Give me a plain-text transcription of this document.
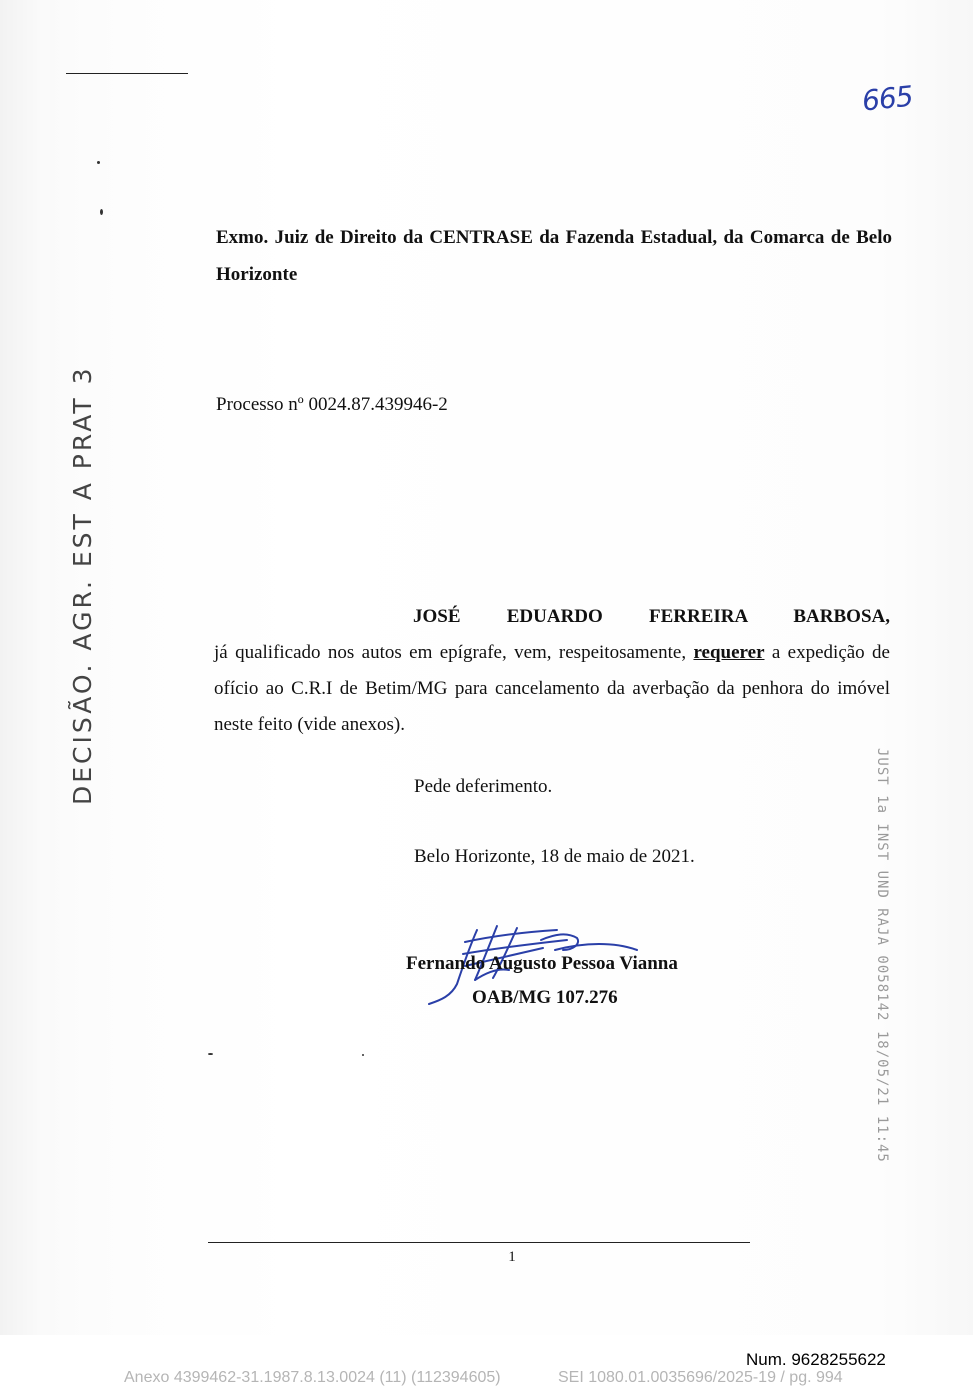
665
Exmo. Juiz de Direito da CENTRASE da Fazenda Estadual, da Comarca de Belo Horizonte
Processo nº 0024.87.439946-2
JOSÉ EDUARDO FERREIRA BARBOSA, já qualificado nos autos em epígrafe, vem, respeitosamente, requerer a expedição de ofício ao C.R.I de Betim/MG para cancelamento da averbação da penhora do imóvel neste feito (vide anexos).
Pede deferimento.
Belo Horizonte, 18 de maio de 2021.
Fernando Augusto Pessoa Vianna
OAB/MG 107.276
DECISÃO. AGR. EST A PRAT 3
JUST 1a INST UND RAJA 0058142 18/05/21 11:45
1
Num. 9628255622
Anexo 4399462-31.1987.8.13.0024 (11) (112394605)	SEI 1080.01.0035696/2025-19 / pg. 994
